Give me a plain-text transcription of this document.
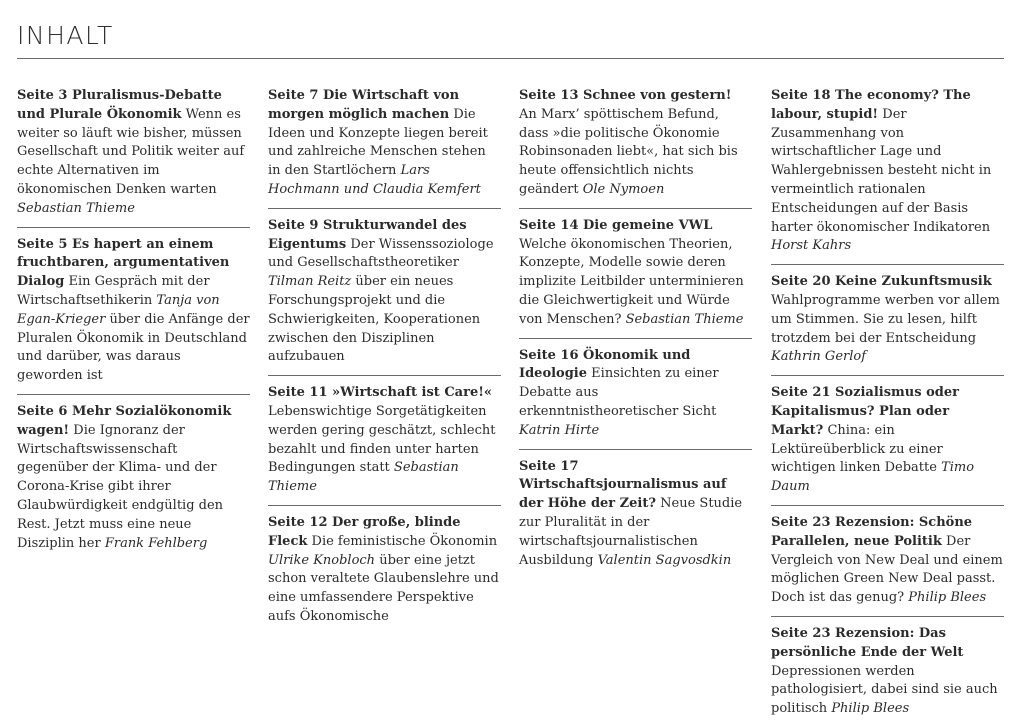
INHALT
Seite 3 Pluralismus-Debatte und Plurale Ökonomik Wenn es weiter so läuft wie bisher, müssen Gesellschaft und Politik weiter auf echte Alternativen im ökonomischen Denken warten Sebastian Thieme
Seite 5 Es hapert an einem fruchtbaren, argumentativen Dialog Ein Gespräch mit der Wirtschaftsethikerin Tanja von Egan-Krieger über die Anfänge der Pluralen Ökonomik in Deutschland und darüber, was daraus geworden ist
Seite 6 Mehr Sozialökonomik wagen! Die Ignoranz der Wirtschaftswissenschaft gegenüber der Klima- und der Corona-Krise gibt ihrer Glaubwürdigkeit endgültig den Rest. Jetzt muss eine neue Disziplin her Frank Fehlberg
Seite 7 Die Wirtschaft von morgen möglich machen Die Ideen und Konzepte liegen bereit und zahlreiche Menschen stehen in den Startlöchern Lars Hochmann und Claudia Kemfert
Seite 9 Strukturwandel des Eigentums Der Wissenssoziologe und Gesellschaftstheoretiker Tilman Reitz über ein neues Forschungsprojekt und die Schwierigkeiten, Kooperationen zwischen den Disziplinen aufzubauen
Seite 11 »Wirtschaft ist Care!« Lebenswichtige Sorgetätigkeiten werden gering geschätzt, schlecht bezahlt und finden unter harten Bedingungen statt Sebastian Thieme
Seite 12 Der große, blinde Fleck Die feministische Ökonomin Ulrike Knobloch über eine jetzt schon veraltete Glaubenslehre und eine umfassendere Perspektive aufs Ökonomische
Seite 13 Schnee von gestern! An Marx’ spöttischem Befund, dass »die politische Ökonomie Robinsonaden liebt«, hat sich bis heute offensichtlich nichts geändert Ole Nymoen
Seite 14 Die gemeine VWL Welche ökonomischen Theorien, Konzepte, Modelle sowie deren implizite Leitbilder unterminieren die Gleichwertigkeit und Würde von Menschen? Sebastian Thieme
Seite 16 Ökonomik und Ideologie Einsichten zu einer Debatte aus erkenntnistheoretischer Sicht Katrin Hirte
Seite 17 Wirtschaftsjournalismus auf der Höhe der Zeit? Neue Studie zur Pluralität in der wirtschaftsjournalistischen Ausbildung Valentin Sagvosdkin
Seite 18 The economy? The labour, stupid! Der Zusammenhang von wirtschaftlicher Lage und Wahlergebnissen besteht nicht in vermeintlich rationalen Entscheidungen auf der Basis harter ökonomischer Indikatoren Horst Kahrs
Seite 20 Keine Zukunftsmusik Wahlprogramme werben vor allem um Stimmen. Sie zu lesen, hilft trotzdem bei der Entscheidung Kathrin Gerlof
Seite 21 Sozialismus oder Kapitalismus? Plan oder Markt? China: ein Lektüreüberblick zu einer wichtigen linken Debatte Timo Daum
Seite 23 Rezension: Schöne Parallelen, neue Politik Der Vergleich von New Deal und einem möglichen Green New Deal passt. Doch ist das genug? Philip Blees
Seite 23 Rezension: Das persönliche Ende der Welt Depressionen werden pathologisiert, dabei sind sie auch politisch Philip Blees
